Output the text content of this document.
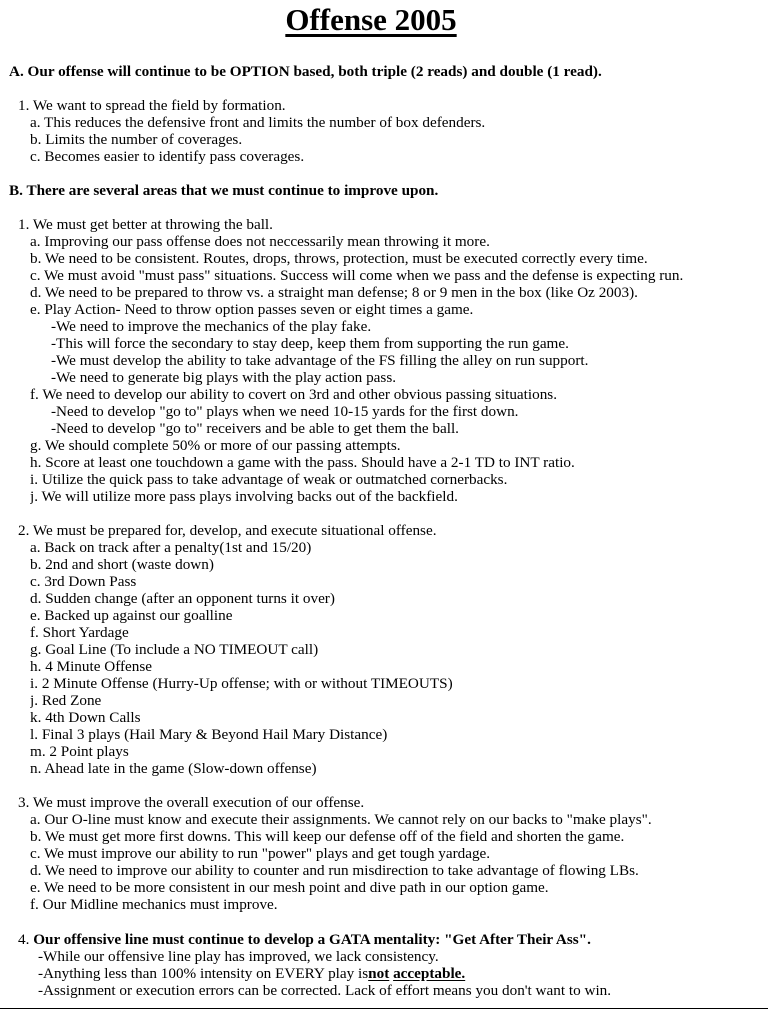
Offense 2005
A. Our offense will continue to be OPTION based, both triple (2 reads) and double (1 read).
1. We want to spread the field by formation.
a. This reduces the defensive front and limits the number of box defenders.
b. Limits the number of coverages.
c. Becomes easier to identify pass coverages.
B. There are several areas that we must continue to improve upon.
1. We must get better at throwing the ball.
a. Improving our pass offense does not neccessarily mean throwing it more.
b. We need to be consistent. Routes, drops, throws, protection, must be executed correctly every time.
c. We must avoid "must pass" situations. Success will come when we pass and the defense is expecting run.
d. We need to be prepared to throw vs. a straight man defense; 8 or 9 men in the box (like Oz 2003).
e. Play Action- Need to throw option passes seven or eight times a game.
-We need to improve the mechanics of the play fake.
-This will force the secondary to stay deep, keep them from supporting the run game.
-We must develop the ability to take advantage of the FS filling the alley on run support.
-We need to generate big plays with the play action pass.
f. We need to develop our ability to covert on 3rd and other obvious passing situations.
-Need to develop "go to" plays when we need 10-15 yards for the first down.
-Need to develop "go to" receivers and be able to get them the ball.
g. We should complete 50% or more of our passing attempts.
h. Score at least one touchdown a game with the pass. Should have a 2-1 TD to INT ratio.
i. Utilize the quick pass to take advantage of weak or outmatched cornerbacks.
j. We will utilize more pass plays involving backs out of the backfield.
2. We must be prepared for, develop, and execute situational offense.
a. Back on track after a penalty(1st and 15/20)
b. 2nd and short (waste down)
c. 3rd Down Pass
d. Sudden change (after an opponent turns it over)
e. Backed up against our goalline
f. Short Yardage
g. Goal Line (To include a NO TIMEOUT call)
h. 4 Minute Offense
i. 2 Minute Offense (Hurry-Up offense; with or without TIMEOUTS)
j. Red Zone
k. 4th Down Calls
l. Final 3 plays (Hail Mary & Beyond Hail Mary Distance)
m. 2 Point plays
n. Ahead late in the game (Slow-down offense)
3. We must improve the overall execution of our offense.
a. Our O-line must know and execute their assignments. We cannot rely on our backs to "make plays".
b. We must get more first downs. This will keep our defense off of the field and shorten the game.
c. We must improve our ability to run "power" plays and get tough yardage.
d. We need to improve our ability to counter and run misdirection to take advantage of flowing LBs.
e. We need to be more consistent in our mesh point and dive path in our option game.
f. Our Midline mechanics must improve.
-While our offensive line play has improved, we lack consistency.
-Assignment or execution errors can be corrected. Lack of effort means you don't want to win.
4. Our offensive line must continue to develop a GATA mentality: "Get After Their Ass".
-Anything less than 100% intensity on EVERY play isnot acceptable.
